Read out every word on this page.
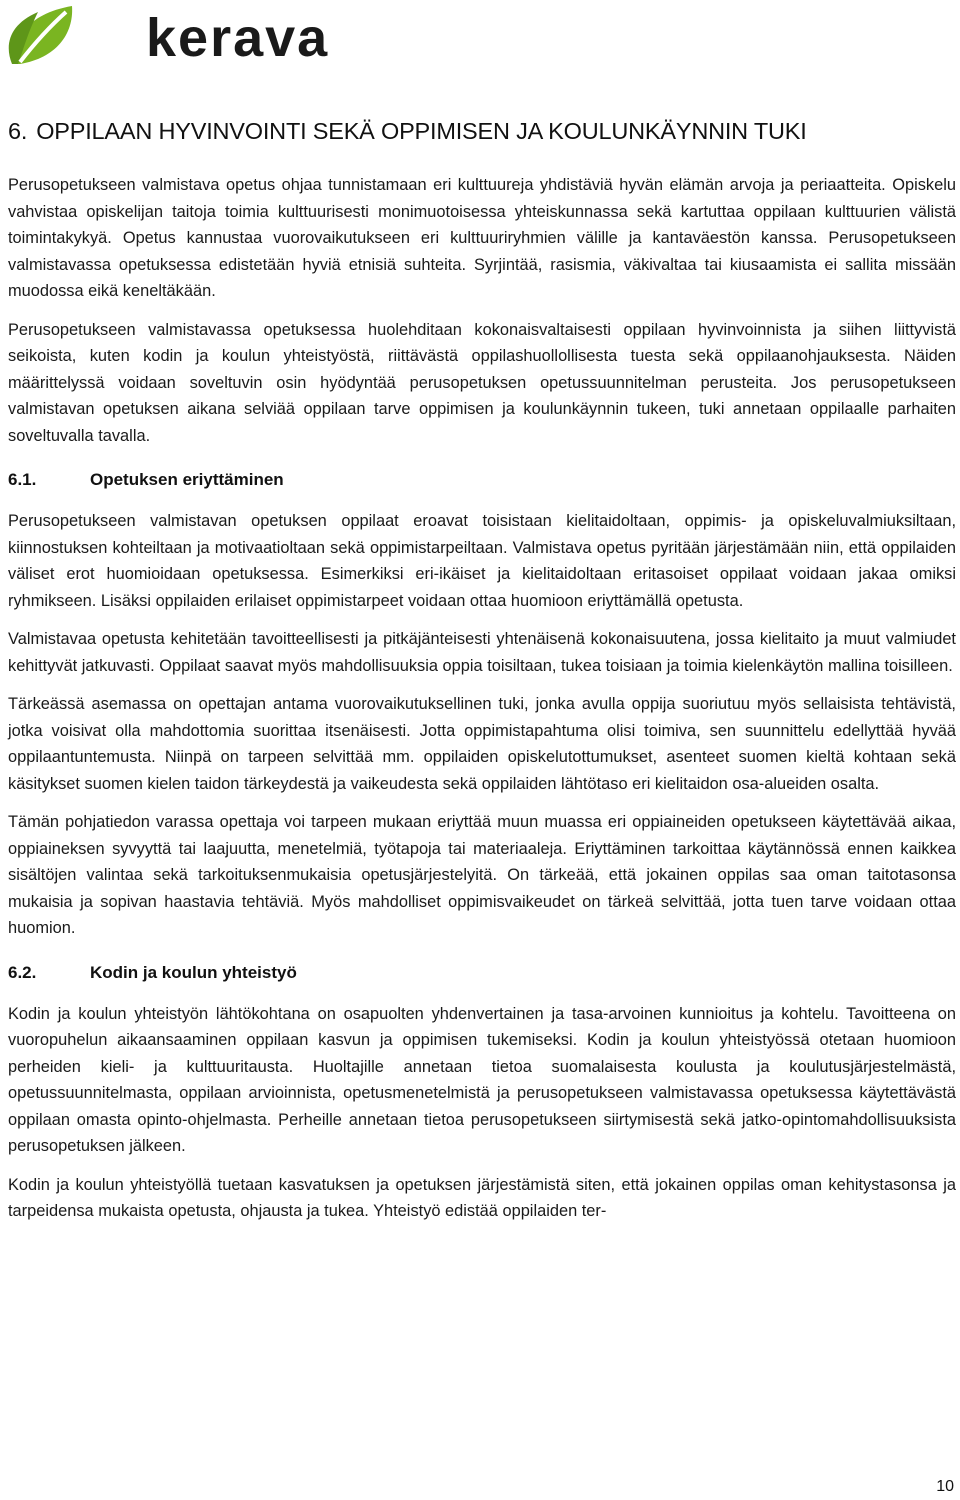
kerava
6. OPPILAAN HYVINVOINTI SEKÄ OPPIMISEN JA KOULUNKÄYNNIN TUKI

Perusopetukseen valmistava opetus ohjaa tunnistamaan eri kulttuureja yhdistäviä hyvän elämän arvoja ja periaatteita. Opiskelu vahvistaa opiskelijan taitoja toimia kulttuurisesti monimuotoisessa yhteiskunnassa sekä kartuttaa oppilaan kulttuurien välistä toimintakykyä. Opetus kannustaa vuorovaikutukseen eri kulttuuriryhmien välille ja kantaväestön kanssa. Perusopetukseen valmistavassa opetuksessa edistetään hyviä etnisiä suhteita. Syrjintää, rasismia, väkivaltaa tai kiusaamista ei sallita missään muodossa eikä keneltäkään.

Perusopetukseen valmistavassa opetuksessa huolehditaan kokonaisvaltaisesti oppilaan hyvinvoinnista ja siihen liittyvistä seikoista, kuten kodin ja koulun yhteistyöstä, riittävästä oppilashuollollisesta tuesta sekä oppilaanohjauksesta. Näiden määrittelyssä voidaan soveltuvin osin hyödyntää perusopetuksen opetussuunnitelman perusteita. Jos perusopetukseen valmistavan opetuksen aikana selviää oppilaan tarve oppimisen ja koulunkäynnin tukeen, tuki annetaan oppilaalle parhaiten soveltuvalla tavalla.

6.1.	Opetuksen eriyttäminen

Perusopetukseen valmistavan opetuksen oppilaat eroavat toisistaan kielitaidoltaan, oppimis- ja opiskeluvalmiuksiltaan, kiinnostuksen kohteiltaan ja motivaatioltaan sekä oppimistarpeiltaan. Valmistava opetus pyritään järjestämään niin, että oppilaiden väliset erot huomioidaan opetuksessa. Esimerkiksi eri-ikäiset ja kielitaidoltaan eritasoiset oppilaat voidaan jakaa omiksi ryhmikseen. Lisäksi oppilaiden erilaiset oppimistarpeet voidaan ottaa huomioon eriyttämällä opetusta.

Valmistavaa opetusta kehitetään tavoitteellisesti ja pitkäjänteisesti yhtenäisenä kokonaisuutena, jossa kielitaito ja muut valmiudet kehittyvät jatkuvasti. Oppilaat saavat myös mahdollisuuksia oppia toisiltaan, tukea toisiaan ja toimia kielenkäytön mallina toisilleen.

Tärkeässä asemassa on opettajan antama vuorovaikutuksellinen tuki, jonka avulla oppija suoriutuu myös sellaisista tehtävistä, jotka voisivat olla mahdottomia suorittaa itsenäisesti. Jotta oppimistapahtuma olisi toimiva, sen suunnittelu edellyttää hyvää oppilaantuntemusta. Niinpä on tarpeen selvittää mm. oppilaiden opiskelutottumukset, asenteet suomen kieltä kohtaan sekä käsitykset suomen kielen taidon tärkeydestä ja vaikeudesta sekä oppilaiden lähtötaso eri kielitaidon osa-alueiden osalta.

Tämän pohjatiedon varassa opettaja voi tarpeen mukaan eriyttää muun muassa eri oppiaineiden opetukseen käytettävää aikaa, oppiaineksen syvyyttä tai laajuutta, menetelmiä, työtapoja tai materiaaleja. Eriyttäminen tarkoittaa käytännössä ennen kaikkea sisältöjen valintaa sekä tarkoituksenmukaisia opetusjärjestelyitä. On tärkeää, että jokainen oppilas saa oman taitotasonsa mukaisia ja sopivan haastavia tehtäviä. Myös mahdolliset oppimisvaikeudet on tärkeä selvittää, jotta tuen tarve voidaan ottaa huomion.

6.2.	Kodin ja koulun yhteistyö

Kodin ja koulun yhteistyön lähtökohtana on osapuolten yhdenvertainen ja tasa-arvoinen kunnioitus ja kohtelu. Tavoitteena on vuoropuhelun aikaansaaminen oppilaan kasvun ja oppimisen tukemiseksi. Kodin ja koulun yhteistyössä otetaan huomioon perheiden kieli- ja kulttuuritausta. Huoltajille annetaan tietoa suomalaisesta koulusta ja koulutusjärjestelmästä, opetussuunnitelmasta, oppilaan arvioinnista, opetusmenetelmistä ja perusopetukseen valmistavassa opetuksessa käytettävästä oppilaan omasta opinto-ohjelmasta. Perheille annetaan tietoa perusopetukseen siirtymisestä sekä jatko-opintomahdollisuuksista perusopetuksen jälkeen.

Kodin ja koulun yhteistyöllä tuetaan kasvatuksen ja opetuksen järjestämistä siten, että jokainen oppilas oman kehitystasonsa ja tarpeidensa mukaista opetusta, ohjausta ja tukea. Yhteistyö edistää oppilaiden ter-

10
